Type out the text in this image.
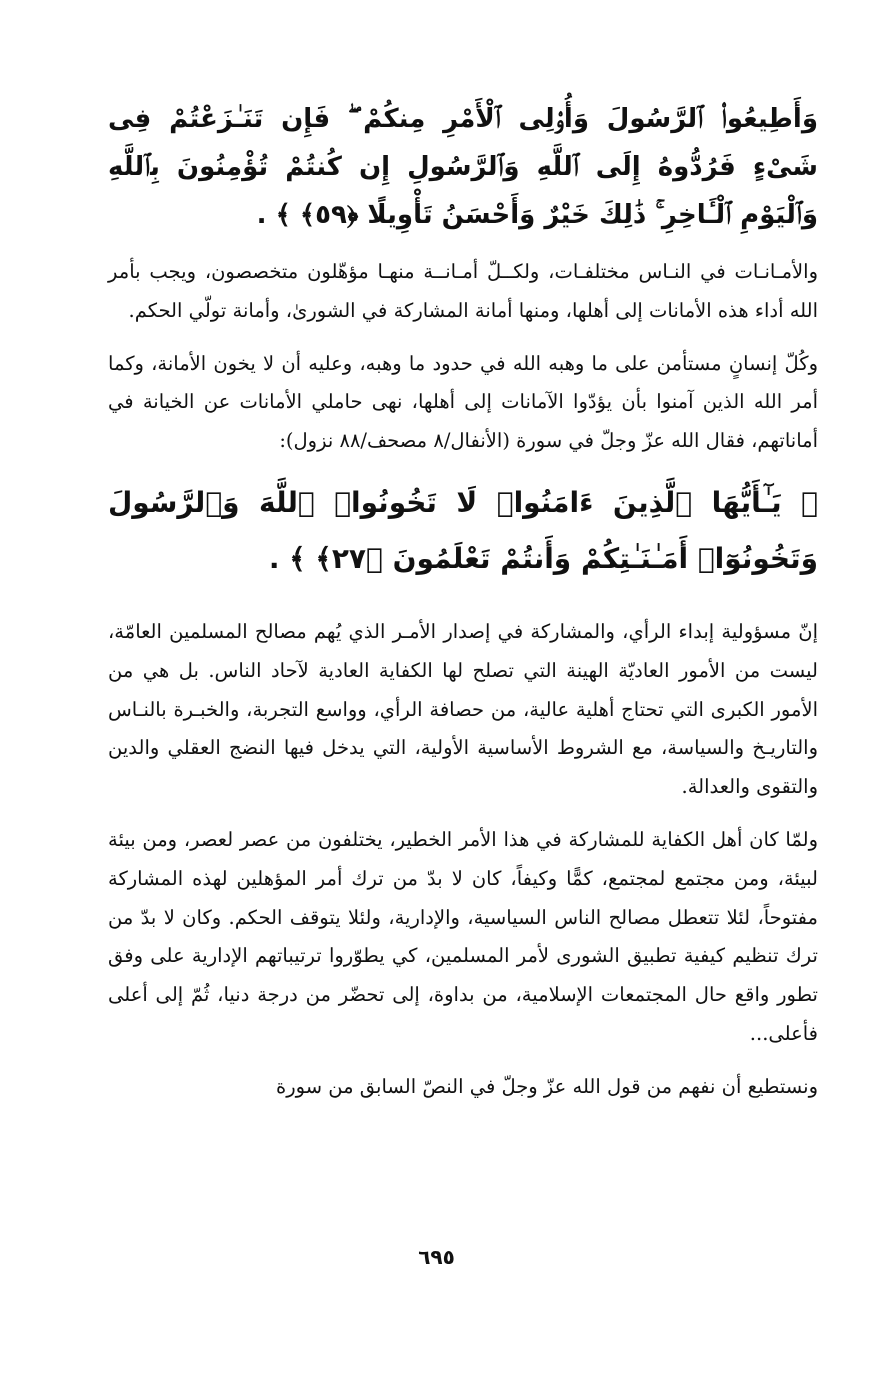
وَأَطِيعُوا۟ ٱلرَّسُولَ وَأُو۟لِى ٱلْأَمْرِ مِنكُمْ ۖ فَإِن تَنَـٰزَعْتُمْ فِى شَىْءٍ فَرُدُّوهُ إِلَى ٱللَّهِ وَٱلرَّسُولِ إِن كُنتُمْ تُؤْمِنُونَ بِٱللَّهِ وَٱلْيَوْمِ ٱلْـَٔاخِرِ ۚ ذَٰلِكَ خَيْرٌ وَأَحْسَنُ تَأْوِيلًا ﴿٥٩﴾ ﴾ .

والأمـانـات في النـاس مختلفـات، ولكــلّ أمـانــة منهـا مؤهّلون متخصصون، ويجب بأمر الله أداء هذه الأمانات إلى أهلها، ومنها أمانة المشاركة في الشورىٰ، وأمانة تولّي الحكم.

وكُلّ إنسانٍ مستأمن على ما وهبه الله في حدود ما وهبه، وعليه أن لا يخون الأمانة، وكما أمر الله الذين آمنوا بأن يؤدّوا الآمانات إلى أهلها، نهى حاملي الأمانات عن الخيانة في أماناتهم، فقال الله عزّ وجلّ في سورة (الأنفال/٨ مصحف/٨٨ نزول):

﴿ يَـٰٓأَيُّهَا ٱلَّذِينَ ءَامَنُوا۟ لَا تَخُونُوا۟ ٱللَّهَ وَٱلرَّسُولَ وَتَخُونُوٓا۟ أَمَـٰنَـٰتِكُمْ وَأَنتُمْ تَعْلَمُونَ ﴿٢٧﴾ ﴾ .

إنّ مسؤولية إبداء الرأي، والمشاركة في إصدار الأمـر الذي يُهم مصالح المسلمين العامّة، ليست من الأمور العاديّة الهينة التي تصلح لها الكفاية العادية لآحاد الناس. بل هي من الأمور الكبرى التي تحتاج أهلية عالية، من حصافة الرأي، وواسع التجربة، والخبـرة بالنـاس والتاريـخ والسياسة، مع الشروط الأساسية الأولية، التي يدخل فيها النضج العقلي والدين والتقوى والعدالة.

ولمّا كان أهل الكفاية للمشاركة في هذا الأمر الخطير، يختلفون من عصر لعصر، ومن بيئة لبيئة، ومن مجتمع لمجتمع، كمًّا وكيفاً، كان لا بدّ من ترك أمر المؤهلين لهذه المشاركة مفتوحاً، لئلا تتعطل مصالح الناس السياسية، والإدارية، ولئلا يتوقف الحكم. وكان لا بدّ من ترك تنظيم كيفية تطبيق الشورى لأمر المسلمين، كي يطوّروا ترتيباتهم الإدارية على وفق تطور واقع حال المجتمعات الإسلامية، من بداوة، إلى تحضّر من درجة دنيا، ثُمّ إلى أعلى فأعلى...

ونستطيع أن نفهم من قول الله عزّ وجلّ في النصّ السابق من سورة

٦٩٥
